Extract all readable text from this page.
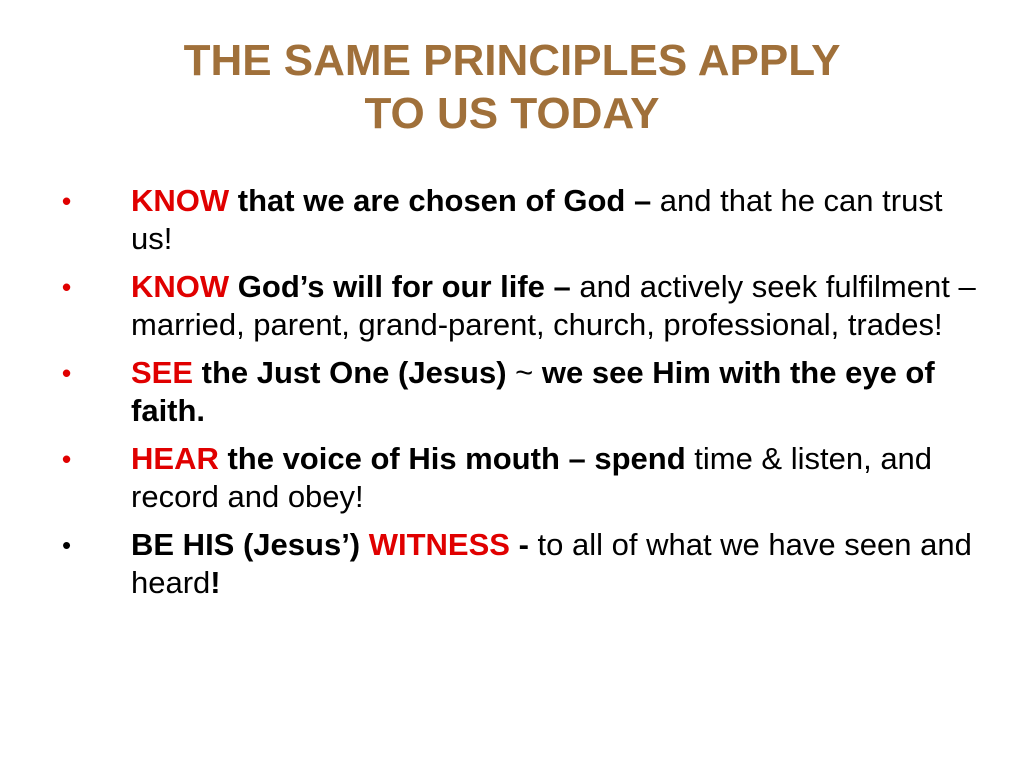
THE SAME PRINCIPLES APPLY
TO US TODAY
• KNOW that we are chosen of God – and that he can trust us!
• KNOW God’s will for our life – and actively seek fulfilment – married, parent, grand-parent, church, professional, trades!
• SEE the Just One (Jesus) ~ we see Him with the eye of faith.
• HEAR the voice of His mouth – spend time & listen, and record and obey!
• BE HIS (Jesus’) WITNESS - to all of what we have seen and heard!
